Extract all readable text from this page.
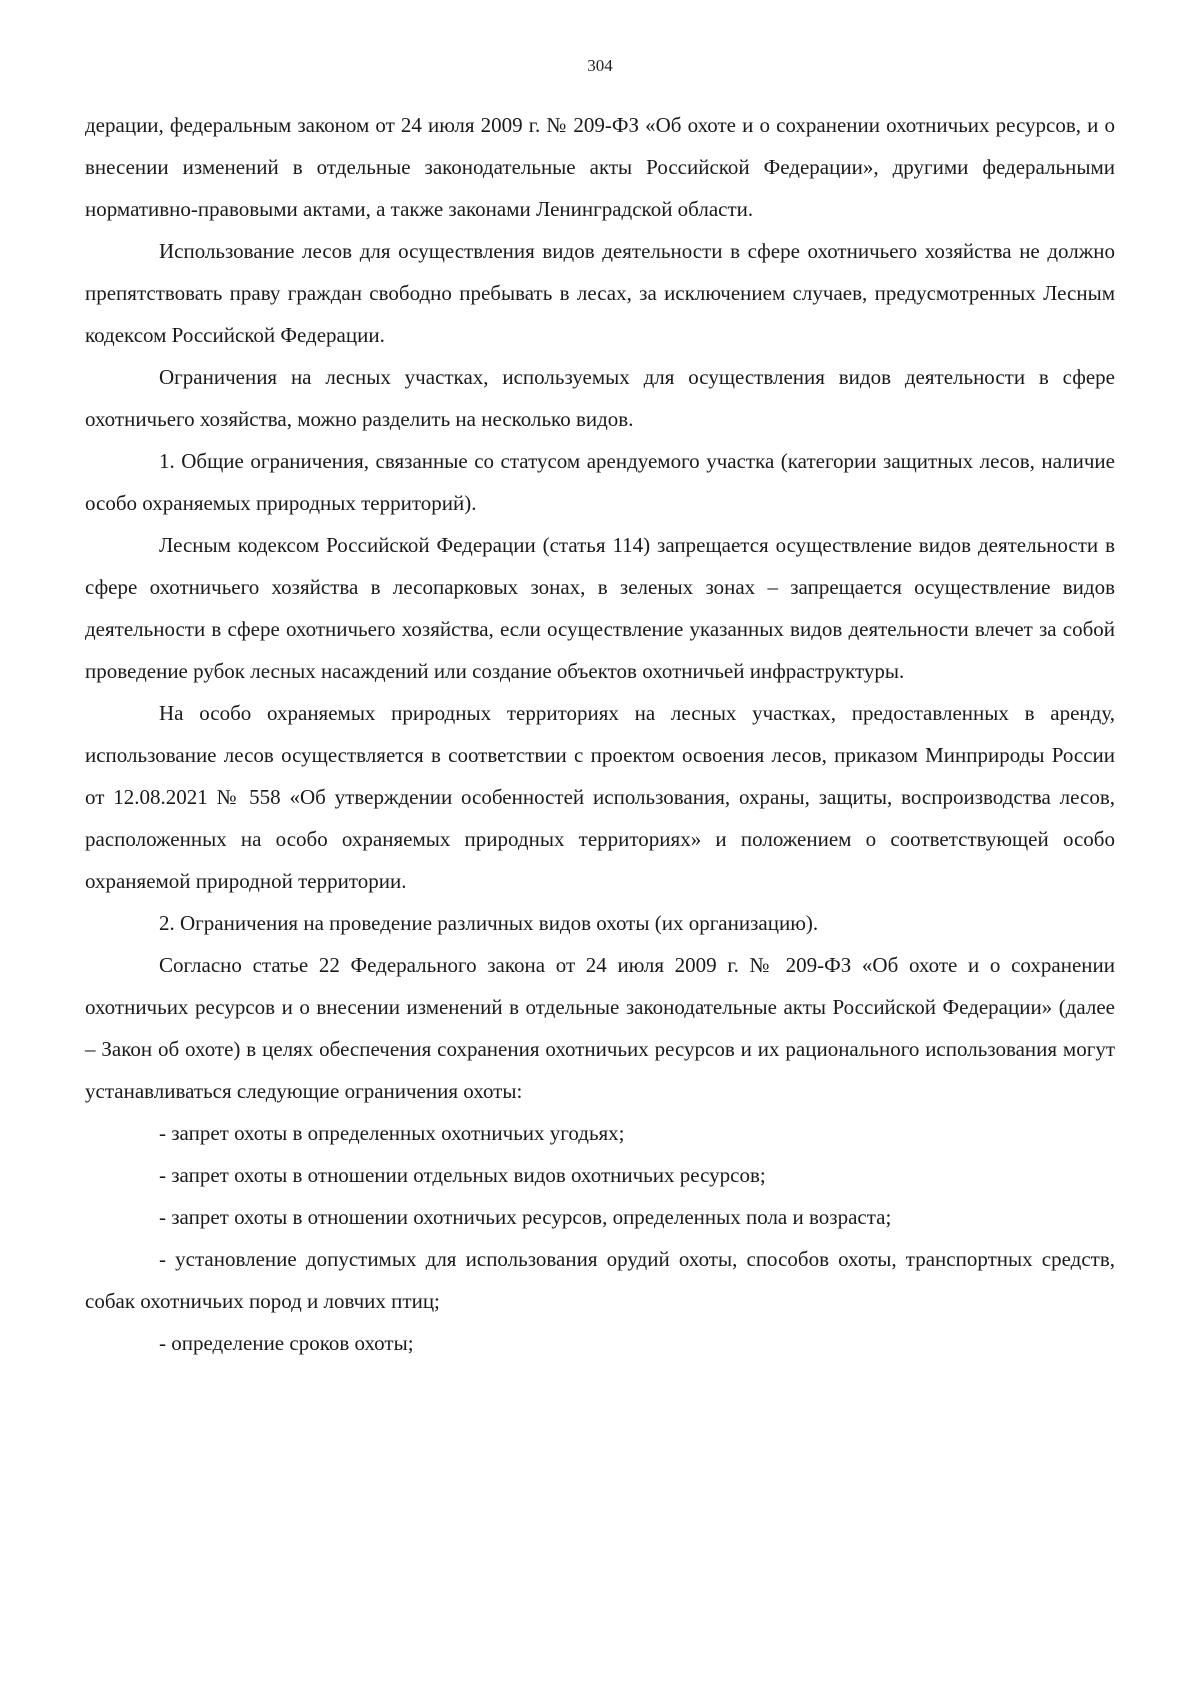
304

дерации, федеральным законом от 24 июля 2009 г. № 209-ФЗ «Об охоте и о сохранении охотничьих ресурсов, и о внесении изменений в отдельные законодательные акты Российской Федерации», другими федеральными нормативно-правовыми актами, а также законами Ленинградской области.

Использование лесов для осуществления видов деятельности в сфере охотничьего хозяйства не должно препятствовать праву граждан свободно пребывать в лесах, за исключением случаев, предусмотренных Лесным кодексом Российской Федерации.

Ограничения на лесных участках, используемых для осуществления видов деятельности в сфере охотничьего хозяйства, можно разделить на несколько видов.

1. Общие ограничения, связанные со статусом арендуемого участка (категории защитных лесов, наличие особо охраняемых природных территорий).

Лесным кодексом Российской Федерации (статья 114) запрещается осуществление видов деятельности в сфере охотничьего хозяйства в лесопарковых зонах, в зеленых зонах – запрещается осуществление видов деятельности в сфере охотничьего хозяйства, если осуществление указанных видов деятельности влечет за собой проведение рубок лесных насаждений или создание объектов охотничьей инфраструктуры.

На особо охраняемых природных территориях на лесных участках, предоставленных в аренду, использование лесов осуществляется в соответствии с проектом освоения лесов, приказом Минприроды России от 12.08.2021 № 558 «Об утверждении особенностей использования, охраны, защиты, воспроизводства лесов, расположенных на особо охраняемых природных территориях» и положением о соответствующей особо охраняемой природной территории.

2. Ограничения на проведение различных видов охоты (их организацию).

Согласно статье 22 Федерального закона от 24 июля 2009 г. № 209-ФЗ «Об охоте и о сохранении охотничьих ресурсов и о внесении изменений в отдельные законодательные акты Российской Федерации» (далее – Закон об охоте) в целях обеспечения сохранения охотничьих ресурсов и их рационального использования могут устанавливаться следующие ограничения охоты:

- запрет охоты в определенных охотничьих угодьях;

- запрет охоты в отношении отдельных видов охотничьих ресурсов;

- запрет охоты в отношении охотничьих ресурсов, определенных пола и возраста;

- установление допустимых для использования орудий охоты, способов охоты, транспортных средств, собак охотничьих пород и ловчих птиц;

- определение сроков охоты;
